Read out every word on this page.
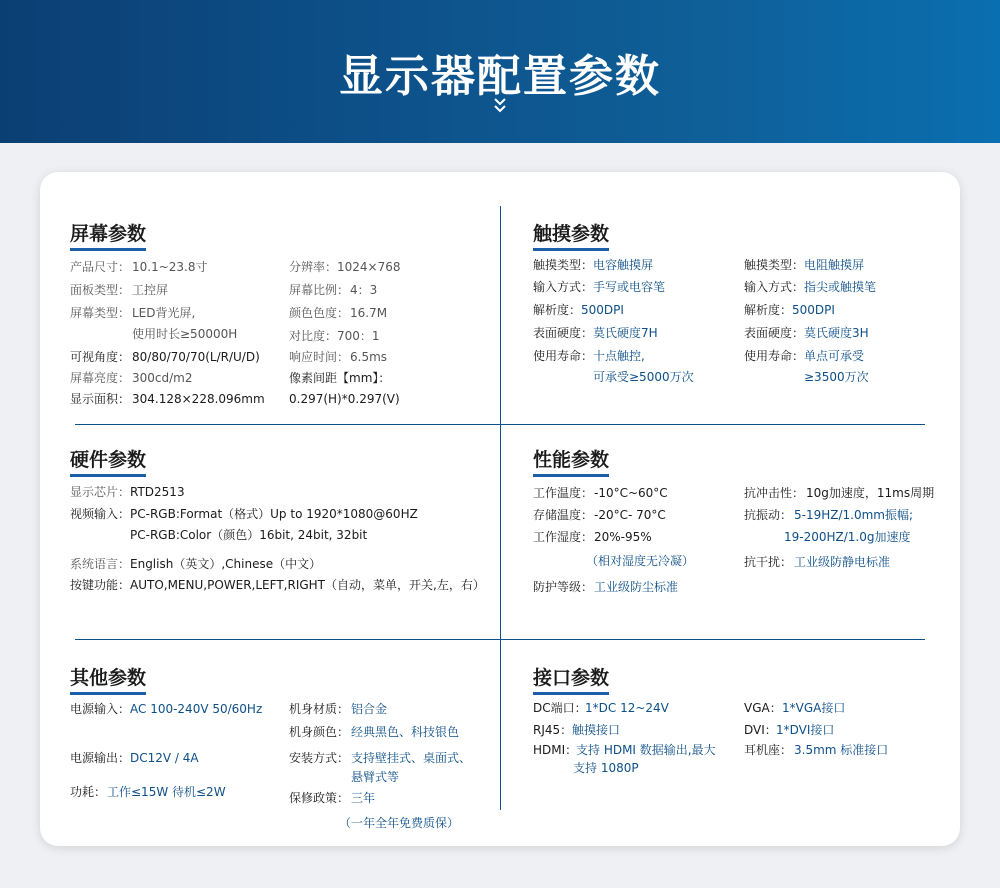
显示器配置参数
屏幕参数
产品尺寸： 10.1~23.8寸
面板类型： 工控屏
屏幕类型： LED背光屏,
使用时长≥50000H
可视角度： 80/80/70/70(L/R/U/D)
屏幕亮度： 300cd/m2
显示面积： 304.128×228.096mm
分辨率： 1024×768
屏幕比例： 4：3
颜色色度： 16.7M
对比度： 700：1
响应时间： 6.5ms
像素间距【mm】：
0.297(H)*0.297(V)
触摸参数
触摸类型： 电容触摸屏
输入方式： 手写或电容笔
解析度： 500DPI
表面硬度： 莫氏硬度7H
使用寿命： 十点触控,
可承受≥5000万次
触摸类型： 电阻触摸屏
输入方式： 指尖或触摸笔
解析度： 500DPI
表面硬度： 莫氏硬度3H
使用寿命： 单点可承受
≥3500万次
硬件参数
显示芯片： RTD2513
视频输入： PC-RGB:Format（格式）Up to 1920*1080@60HZ
PC-RGB:Color（颜色）16bit, 24bit, 32bit
系统语言： English（英文）,Chinese（中文）
按键功能： AUTO,MENU,POWER,LEFT,RIGHT（自动，菜单，开关,左，右）
性能参数
工作温度： -10°C~60°C
存储温度： -20°C- 70°C
工作湿度： 20%-95%
（相对湿度无冷凝）
防护等级： 工业级防尘标准
抗冲击性： 10g加速度，11ms周期
抗振动： 5-19HZ/1.0mm振幅;
19-200HZ/1.0g加速度
抗干扰： 工业级防静电标准
其他参数
电源输入： AC 100-240V 50/60Hz
电源输出： DC12V / 4A
功耗： 工作≤15W 待机≤2W
机身材质： 铝合金
机身颜色： 经典黑色、科技银色
安装方式： 支持壁挂式、桌面式、
悬臂式等
保修政策： 三年
（一年全年免费质保）
接口参数
DC端口：
1*DC 12~24V
RJ45： 触摸接口
HDMI：
支持 HDMI 数据输出,最大
支持 1080P
VGA： 1*VGA接口
DVI： 1*DVI接口
耳机座： 3.5mm 标准接口
